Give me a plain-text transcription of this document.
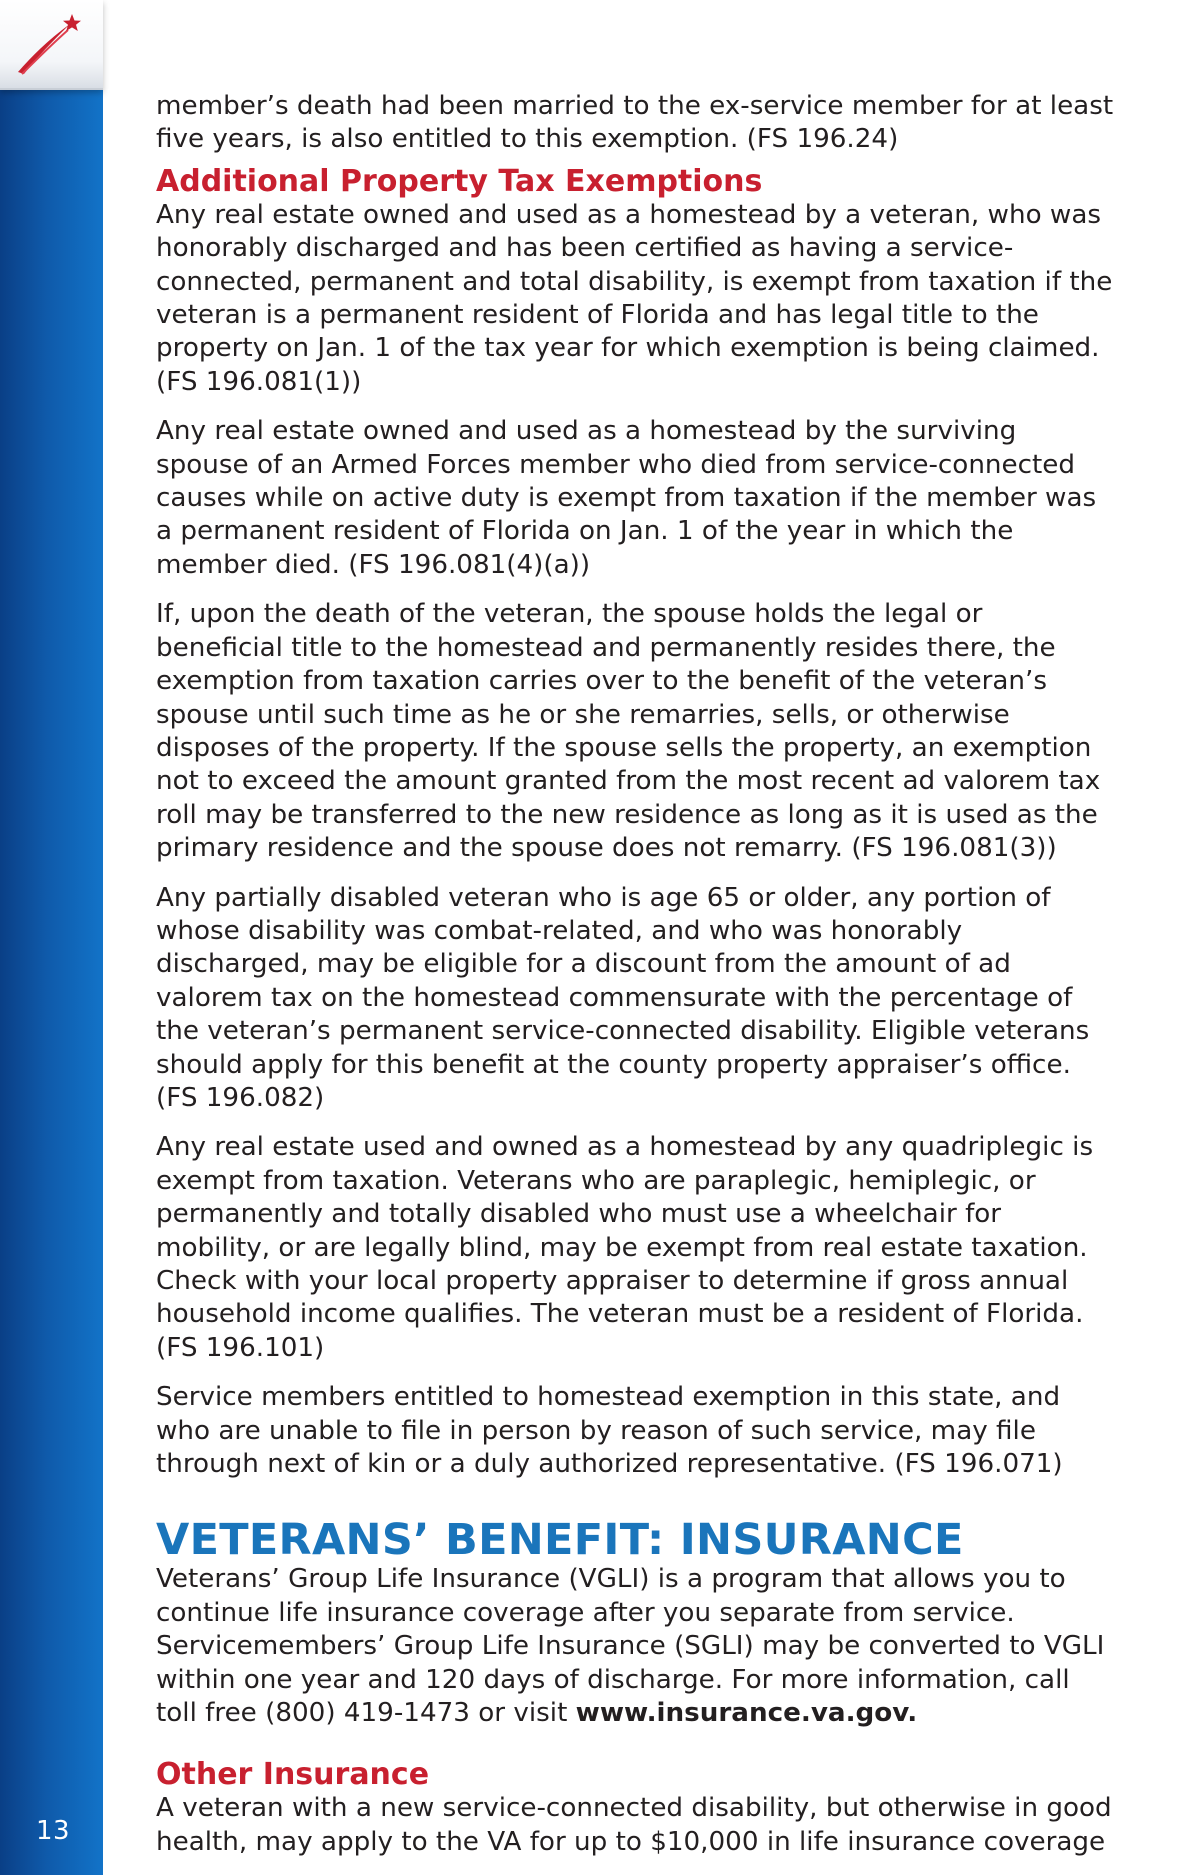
13

member’s death had been married to the ex-service member for at least five years, is also entitled to this exemption. (FS 196.24)

Additional Property Tax Exemptions

Any real estate owned and used as a homestead by a veteran, who was honorably discharged and has been certified as having a service-connected, permanent and total disability, is exempt from taxation if the veteran is a permanent resident of Florida and has legal title to the property on Jan. 1 of the tax year for which exemption is being claimed. (FS 196.081(1))

Any real estate owned and used as a homestead by the surviving spouse of an Armed Forces member who died from service-connected causes while on active duty is exempt from taxation if the member was a permanent resident of Florida on Jan. 1 of the year in which the member died. (FS 196.081(4)(a))

If, upon the death of the veteran, the spouse holds the legal or beneficial title to the homestead and permanently resides there, the exemption from taxation carries over to the benefit of the veteran’s spouse until such time as he or she remarries, sells, or otherwise disposes of the property. If the spouse sells the property, an exemption not to exceed the amount granted from the most recent ad valorem tax roll may be transferred to the new residence as long as it is used as the primary residence and the spouse does not remarry. (FS 196.081(3))

Any partially disabled veteran who is age 65 or older, any portion of whose disability was combat-related, and who was honorably discharged, may be eligible for a discount from the amount of ad valorem tax on the homestead commensurate with the percentage of the veteran’s permanent service-connected disability. Eligible veterans should apply for this benefit at the county property appraiser’s office. (FS 196.082)

Any real estate used and owned as a homestead by any quadriplegic is exempt from taxation. Veterans who are paraplegic, hemiplegic, or permanently and totally disabled who must use a wheelchair for mobility, or are legally blind, may be exempt from real estate taxation. Check with your local property appraiser to determine if gross annual household income qualifies. The veteran must be a resident of Florida. (FS 196.101)

Service members entitled to homestead exemption in this state, and who are unable to file in person by reason of such service, may file through next of kin or a duly authorized representative. (FS 196.071)

VETERANS’ BENEFIT: INSURANCE

Veterans’ Group Life Insurance (VGLI) is a program that allows you to continue life insurance coverage after you separate from service. Servicemembers’ Group Life Insurance (SGLI) may be converted to VGLI within one year and 120 days of discharge. For more information, call toll free (800) 419-1473 or visit www.insurance.va.gov.

Other Insurance

A veteran with a new service-connected disability, but otherwise in good health, may apply to the VA for up to $10,000 in life insurance coverage
